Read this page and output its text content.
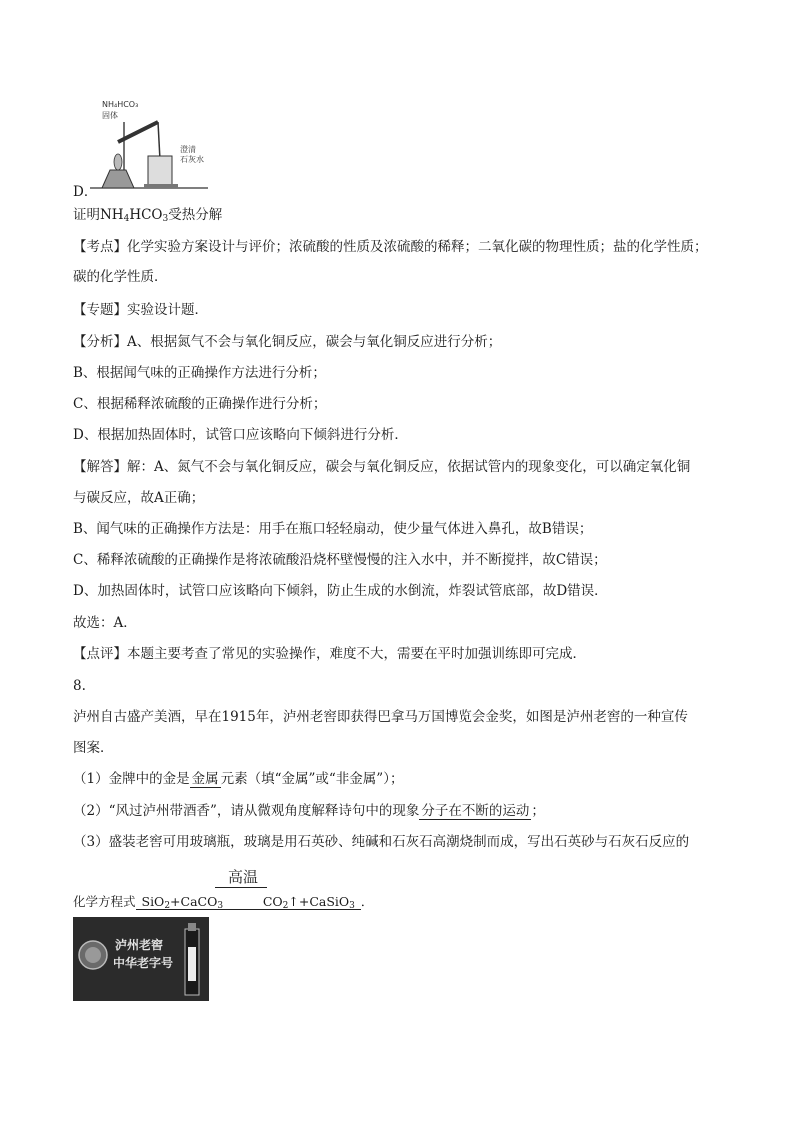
NH₄HCO₃
固体
澄清
石灰水
D．
证明$NH_4HCO_3$受热分解
【考点】化学实验方案设计与评价；浓硫酸的性质及浓硫酸的稀释；二氧化碳的物理性质；盐的化学性质；
碳的化学性质．
【专题】实验设计题．
【分析】A、根据氮气不会与氧化铜反应，碳会与氧化铜反应进行分析；
B、根据闻气味的正确操作方法进行分析；
C、根据稀释浓硫酸的正确操作进行分析；
D、根据加热固体时，试管口应该略向下倾斜进行分析．
【解答】解：A、氮气不会与氧化铜反应，碳会与氧化铜反应，依据试管内的现象变化，可以确定氧化铜
与碳反应，故A正确；
B、闻气味的正确操作方法是：用手在瓶口轻轻扇动，使少量气体进入鼻孔，故B错误；
C、稀释浓硫酸的正确操作是将浓硫酸沿烧杯壁慢慢的注入水中，并不断搅拌，故C错误；
D、加热固体时，试管口应该略向下倾斜，防止生成的水倒流，炸裂试管底部，故D错误．
故选：A．
【点评】本题主要考查了常见的实验操作，难度不大，需要在平时加强训练即可完成．
8.
泸州自古盛产美酒，早在1915年，泸州老窖即获得巴拿马万国博览会金奖，如图是泸州老窖的一种宣传
图案．
（1）金牌中的金是 金属 元素（填“金属”或“非金属”）；
（2）“风过泸州带酒香”，请从微观角度解释诗句中的现象 分子在不断的运动 ；
（3）盛装老窖可用玻璃瓶，玻璃是用石英砂、纯碱和石灰石高潮烧制而成，写出石英砂与石灰石反应的
高温
化学方程式 SiO$_2$+CaCO$_3$	$CO_2↑+CaSiO_3$ ．
泸州老窖
中华老字号
